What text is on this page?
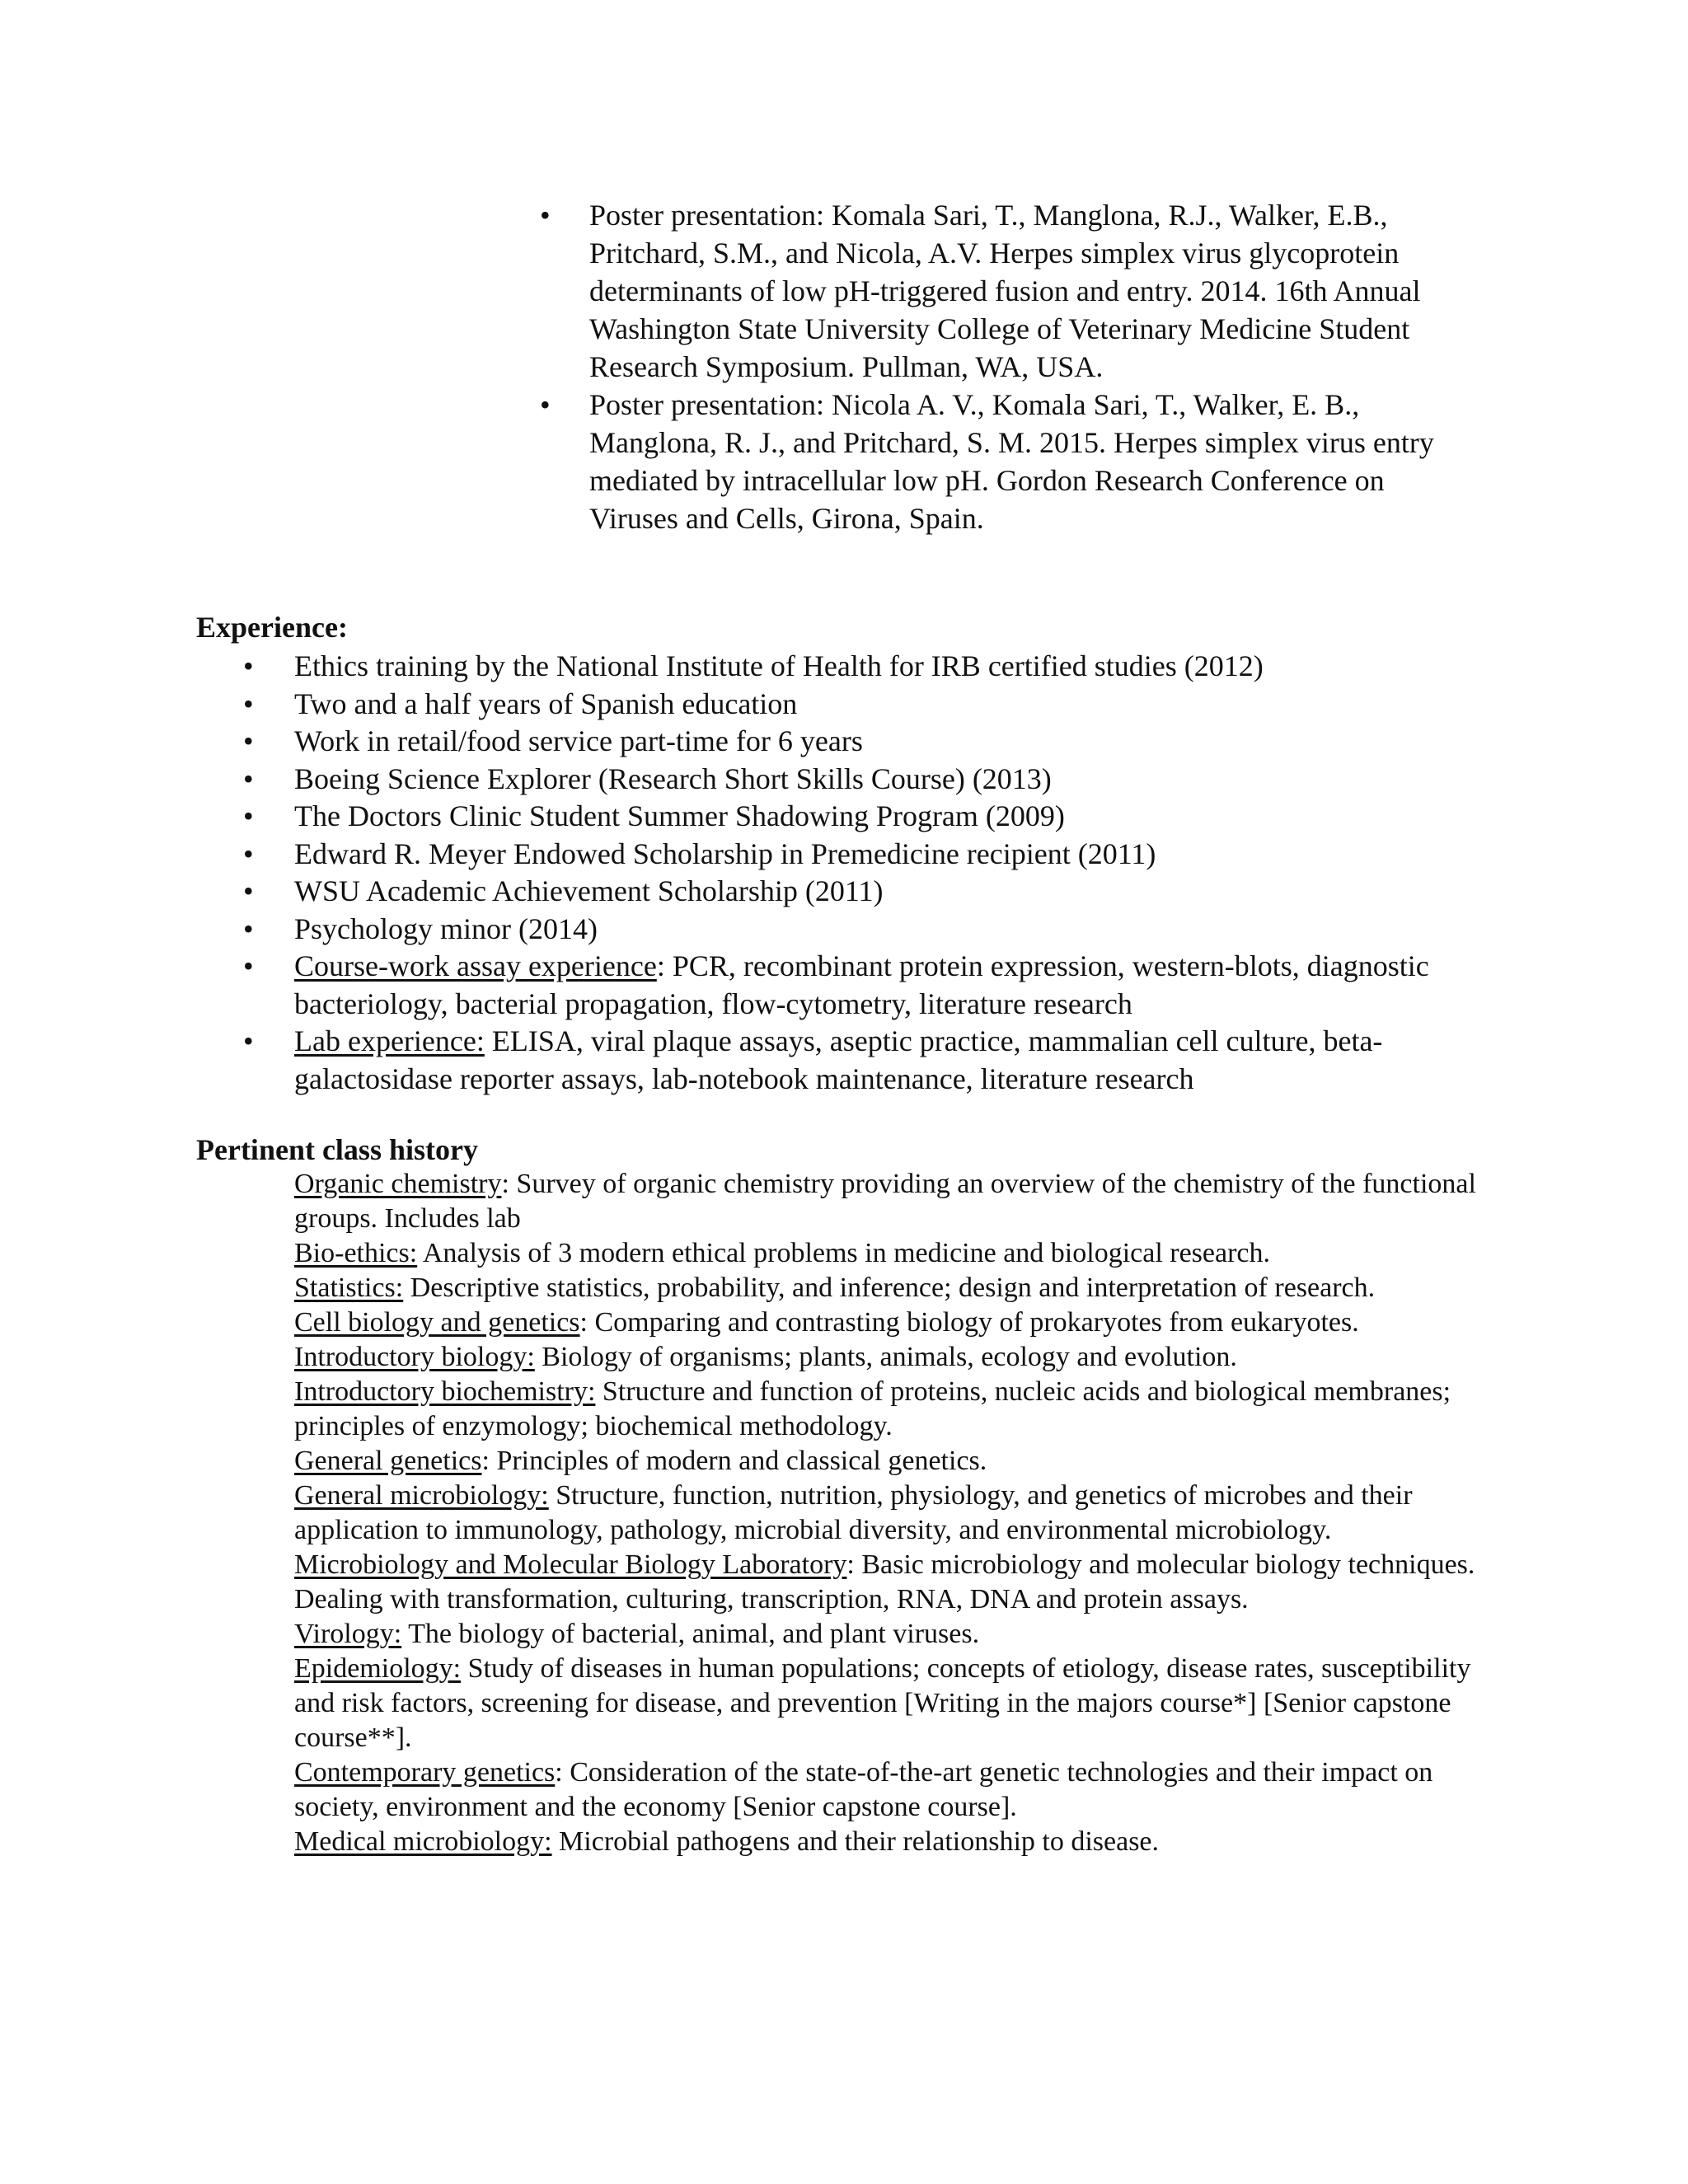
• Poster presentation: Komala Sari, T., Manglona, R.J., Walker, E.B., Pritchard, S.M., and Nicola, A.V. Herpes simplex virus glycoprotein determinants of low pH-triggered fusion and entry. 2014. 16th Annual Washington State University College of Veterinary Medicine Student Research Symposium. Pullman, WA, USA.
• Poster presentation: Nicola A. V., Komala Sari, T., Walker, E. B., Manglona, R. J., and Pritchard, S. M. 2015. Herpes simplex virus entry mediated by intracellular low pH. Gordon Research Conference on Viruses and Cells, Girona, Spain.
Experience:
• Ethics training by the National Institute of Health for IRB certified studies (2012)
• Two and a half years of Spanish education
• Work in retail/food service part-time for 6 years
• Boeing Science Explorer (Research Short Skills Course) (2013)
• The Doctors Clinic Student Summer Shadowing Program (2009)
• Edward R. Meyer Endowed Scholarship in Premedicine recipient (2011)
• WSU Academic Achievement Scholarship (2011)
• Psychology minor (2014)
• Course-work assay experience: PCR, recombinant protein expression, western-blots, diagnostic bacteriology, bacterial propagation, flow-cytometry, literature research
• Lab experience: ELISA, viral plaque assays, aseptic practice, mammalian cell culture, beta-galactosidase reporter assays, lab-notebook maintenance, literature research
Pertinent class history

Organic chemistry: Survey of organic chemistry providing an overview of the chemistry of the functional groups. Includes lab

Bio-ethics: Analysis of 3 modern ethical problems in medicine and biological research.

Statistics: Descriptive statistics, probability, and inference; design and interpretation of research.

Cell biology and genetics: Comparing and contrasting biology of prokaryotes from eukaryotes.

Introductory biology: Biology of organisms; plants, animals, ecology and evolution.

Introductory biochemistry: Structure and function of proteins, nucleic acids and biological membranes; principles of enzymology; biochemical methodology.

General genetics: Principles of modern and classical genetics.

General microbiology: Structure, function, nutrition, physiology, and genetics of microbes and their application to immunology, pathology, microbial diversity, and environmental microbiology.

Microbiology and Molecular Biology Laboratory: Basic microbiology and molecular biology techniques. Dealing with transformation, culturing, transcription, RNA, DNA and protein assays.

Virology: The biology of bacterial, animal, and plant viruses.

Epidemiology: Study of diseases in human populations; concepts of etiology, disease rates, susceptibility and risk factors, screening for disease, and prevention [Writing in the majors course*] [Senior capstone course**].

Contemporary genetics: Consideration of the state-of-the-art genetic technologies and their impact on society, environment and the economy [Senior capstone course].

Medical microbiology: Microbial pathogens and their relationship to disease.
